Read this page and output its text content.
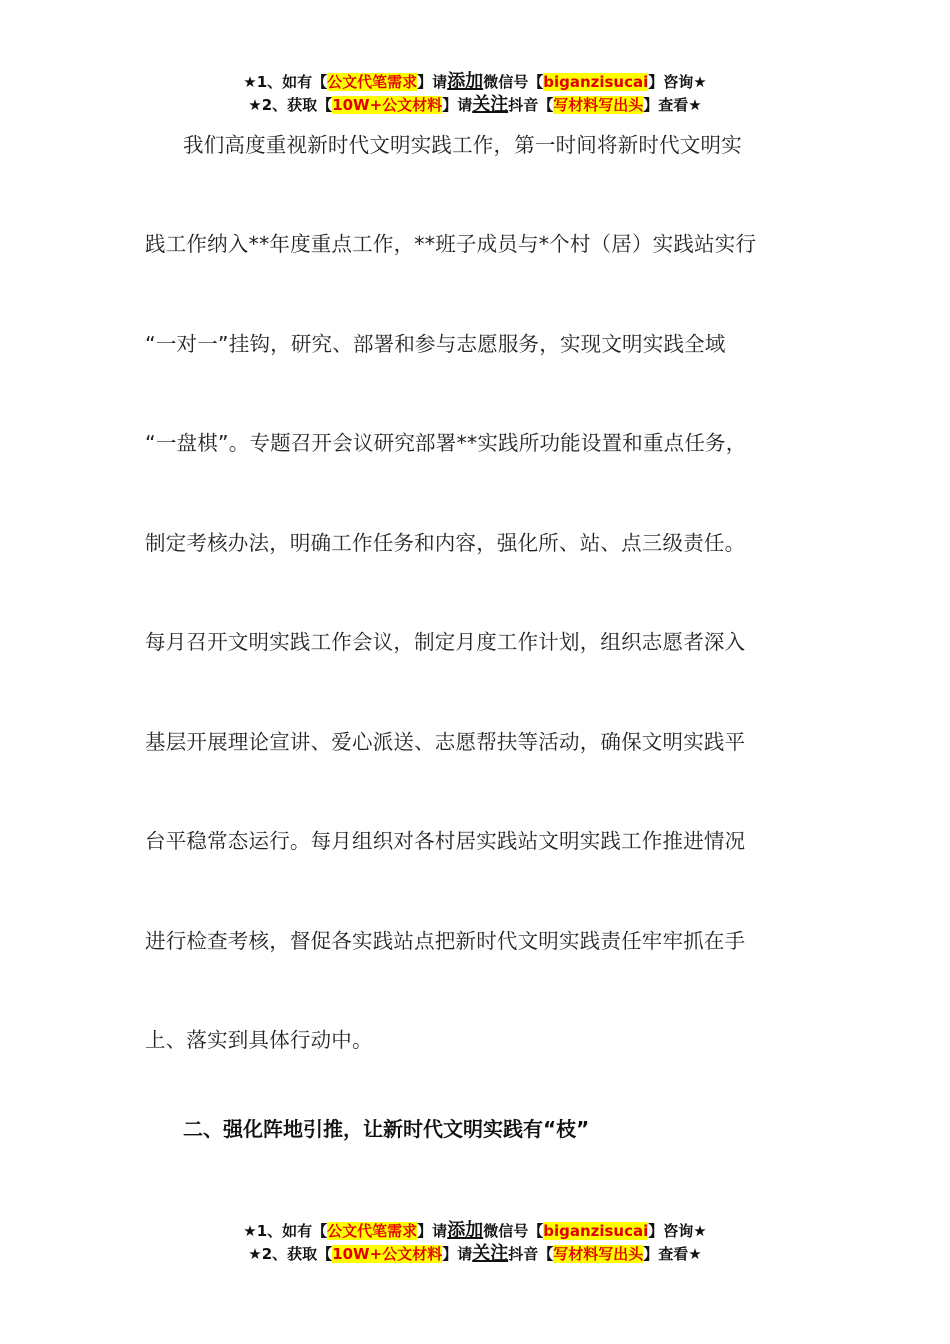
★1、如有【公文代笔需求】请添加微信号【biganzisucai】咨询★
★2、获取【10W+公文材料】请关注抖音【写材料写出头】查看★
我们高度重视新时代文明实践工作，第一时间将新时代文明实
践工作纳入**年度重点工作，**班子成员与*个村（居）实践站实行
“一对一”挂钩，研究、部署和参与志愿服务，实现文明实践全域
“一盘棋”。专题召开会议研究部署**实践所功能设置和重点任务，
制定考核办法，明确工作任务和内容，强化所、站、点三级责任。
每月召开文明实践工作会议，制定月度工作计划，组织志愿者深入
基层开展理论宣讲、爱心派送、志愿帮扶等活动，确保文明实践平
台平稳常态运行。每月组织对各村居实践站文明实践工作推进情况
进行检查考核，督促各实践站点把新时代文明实践责任牢牢抓在手
上、落实到具体行动中。
二、强化阵地引推，让新时代文明实践有“枝”
★1、如有【公文代笔需求】请添加微信号【biganzisucai】咨询★
★2、获取【10W+公文材料】请关注抖音【写材料写出头】查看★
